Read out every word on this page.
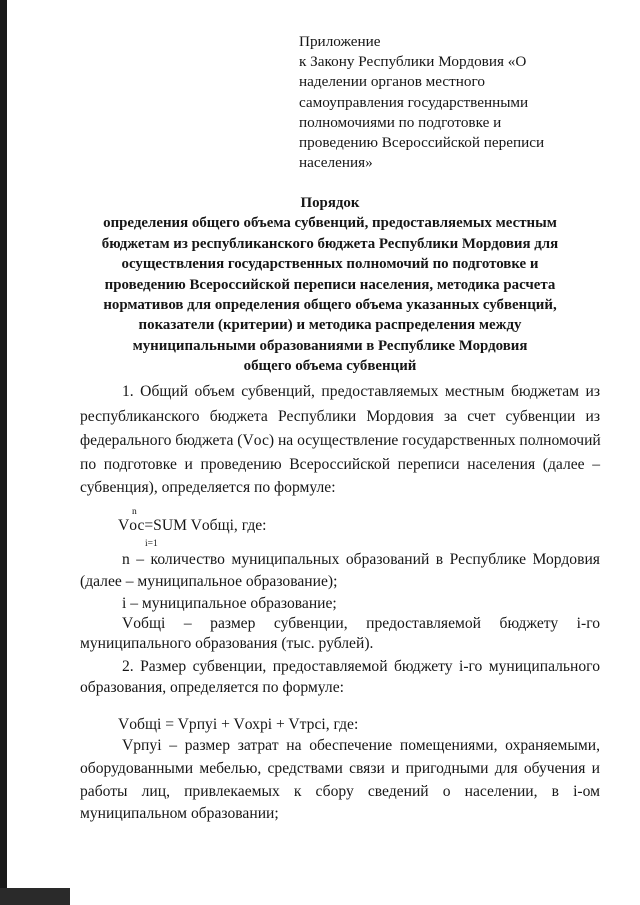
Приложение
к Закону Республики Мордовия «О
наделении органов местного
самоуправления государственными
полномочиями по подготовке и
проведению Всероссийской переписи
населения»
Порядок
определения общего объема субвенций, предоставляемых местным
бюджетам из республиканского бюджета Республики Мордовия для
осуществления государственных полномочий по подготовке и
проведению Всероссийской переписи населения, методика расчета
нормативов для определения общего объема указанных субвенций,
показатели (критерии) и методика распределения между
муниципальными образованиями в Республике Мордовия
общего объема субвенций
1. Общий объем субвенций, предоставляемых местным бюджетам из
республиканского бюджета Республики Мордовия за счет субвенции из
федерального бюджета (Vос) на осуществление государственных полномочий
по подготовке и проведению Всероссийской переписи населения (далее –
субвенция), определяется по формуле:
n
Vос=SUM Vобщi, где:
i=1
n – количество муниципальных образований в Республике Мордовия
(далее – муниципальное образование);
i – муниципальное образование;
Vобщi – размер субвенции, предоставляемой бюджету i-го
муниципального образования (тыс. рублей).
2. Размер субвенции, предоставляемой бюджету i-го муниципального
образования, определяется по формуле:
Vобщi = Vрпуi + Vохрi + Vтрсi, где:
Vрпуi – размер затрат на обеспечение помещениями, охраняемыми,
оборудованными мебелью, средствами связи и пригодными для обучения и
работы лиц, привлекаемых к сбору сведений о населении, в i-ом
муниципальном образовании;
